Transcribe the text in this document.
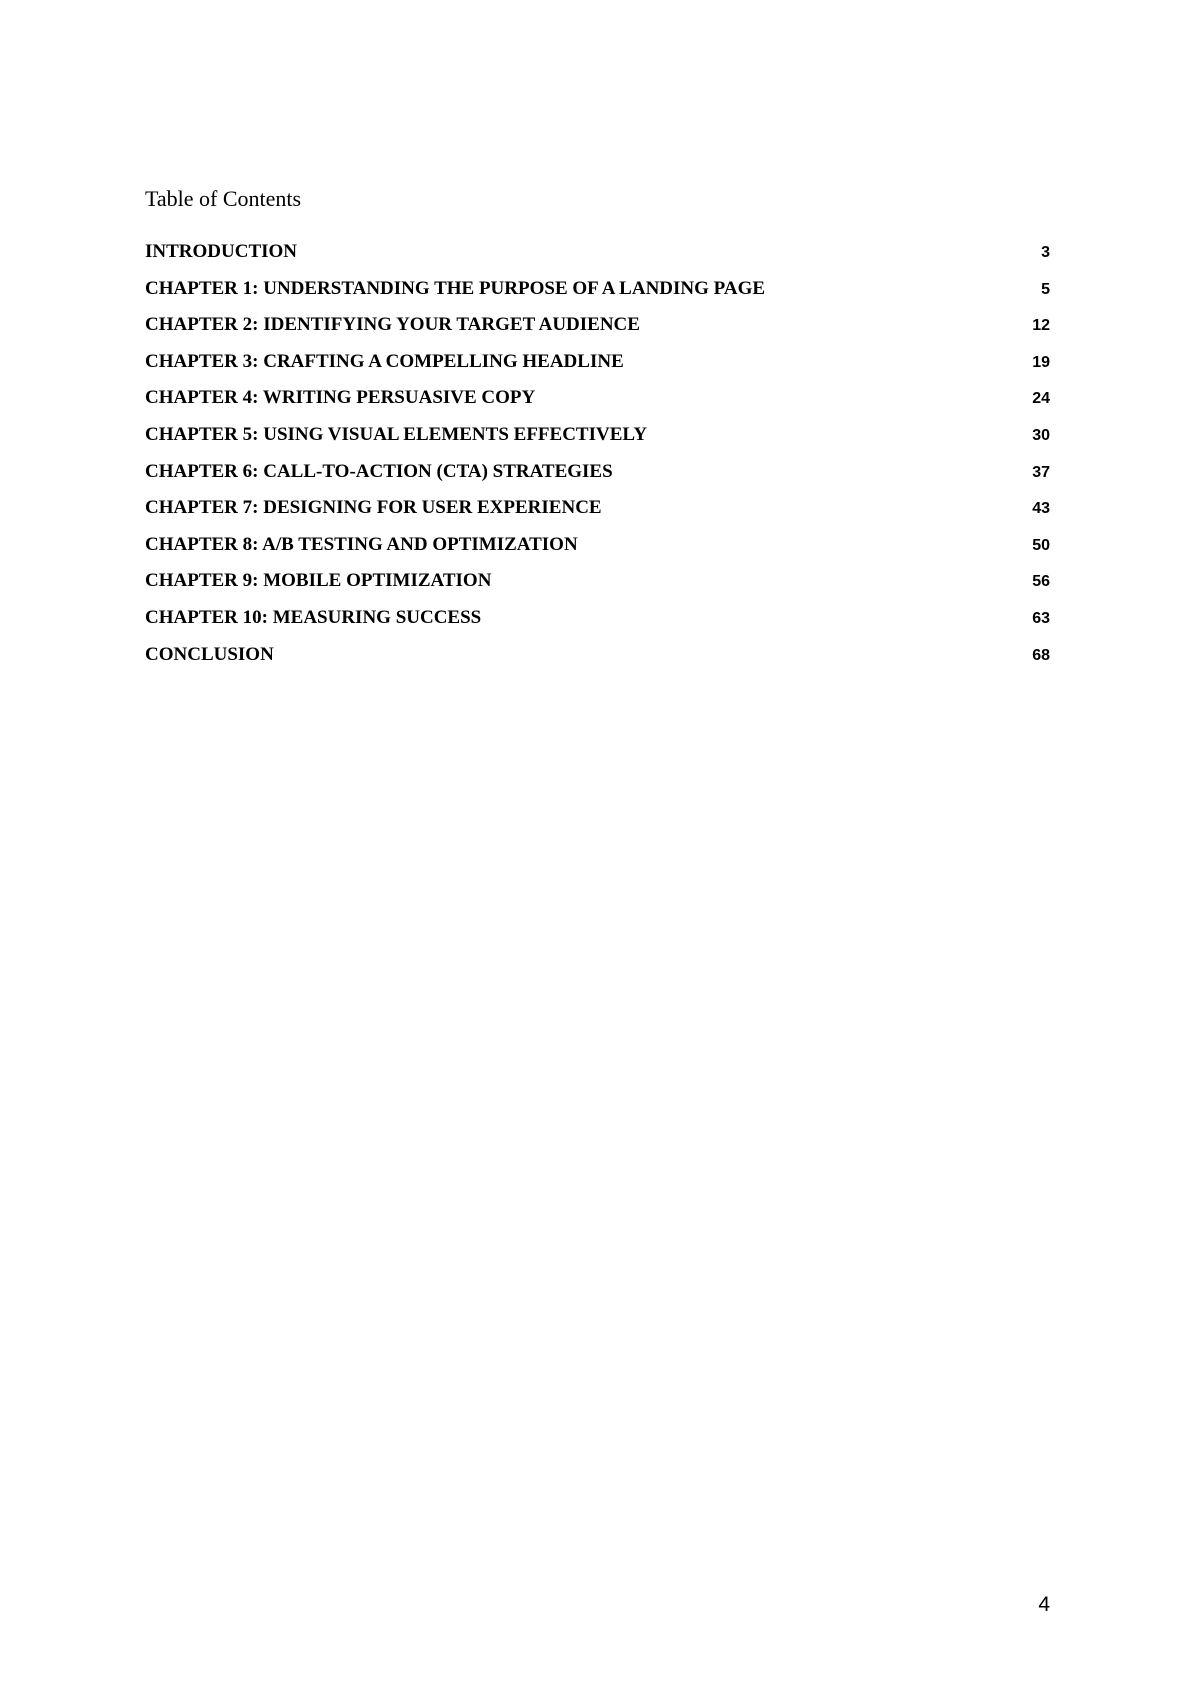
Table of Contents
INTRODUCTION	3
CHAPTER 1: UNDERSTANDING THE PURPOSE OF A LANDING PAGE	5
CHAPTER 2: IDENTIFYING YOUR TARGET AUDIENCE	12
CHAPTER 3: CRAFTING A COMPELLING HEADLINE	19
CHAPTER 4: WRITING PERSUASIVE COPY	24
CHAPTER 5: USING VISUAL ELEMENTS EFFECTIVELY	30
CHAPTER 6: CALL-TO-ACTION (CTA) STRATEGIES	37
CHAPTER 7: DESIGNING FOR USER EXPERIENCE	43
CHAPTER 8: A/B TESTING AND OPTIMIZATION	50
CHAPTER 9: MOBILE OPTIMIZATION	56
CHAPTER 10: MEASURING SUCCESS	63
CONCLUSION	68
4
